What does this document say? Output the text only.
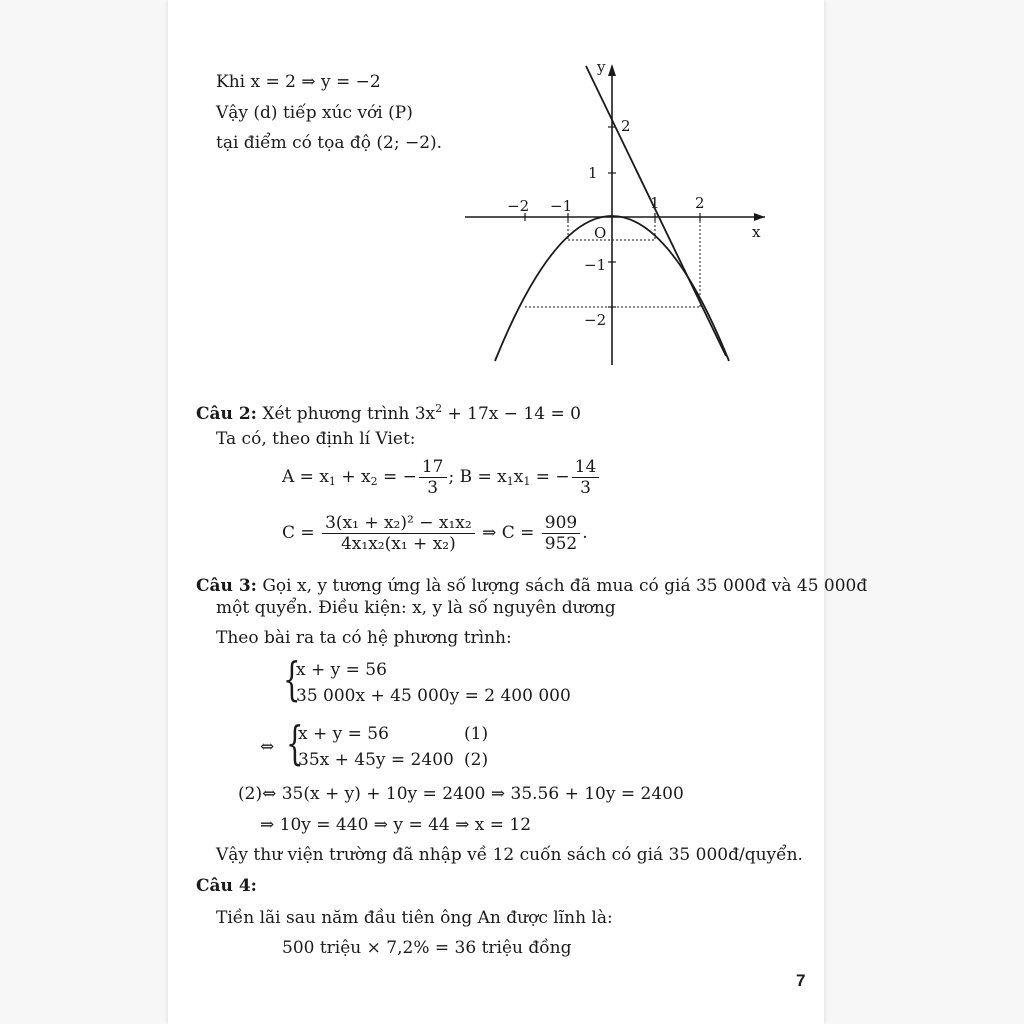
Khi x = 2 ⇒ y = −2
Vậy (d) tiếp xúc với (P)
tại điểm có tọa độ (2; −2).
y
x
O
2
1
−1
−2
−2 −1	1 2
Câu 2: Xét phương trình $3x^2 + 17x - 14 = 0$
Ta có, theo định lí Viet:
$A = x_1 + x_2$ = − $\frac{17}{3}$ ; $B = x_1x_1$ = − $\frac{14}{3}$
$C = \frac{\text{3(x₁ + x₂)² − x₁x₂}}{\text{4x₁x₂(x₁ + x₂)}}$ ⇒ $C = \frac{909}{952}$ .
Câu 3: Gọi x, y tương ứng là số lượng sách đã mua có giá 35 000đ và 45 000đ
một quyển. Điều kiện: x, y là số nguyên dương
Theo bài ra ta có hệ phương trình:
{
x + y = 56
35 000x + 45 000y = 2 400 000
⇔ {
x + y = 56
35x + 45y = 2400
(1)
(2)
(2)⇔ 35(x + y) + 10y = 2400 ⇒ 35.56 + 10y = 2400
⇒ 10y = 440 ⇒ y = 44 ⇒ x = 12
Vậy thư viện trường đã nhập về 12 cuốn sách có giá 35 000đ/quyển.
Câu 4:
Tiền lãi sau năm đầu tiên ông An được lĩnh là:
500 triệu × 7,2% = 36 triệu đồng
7
